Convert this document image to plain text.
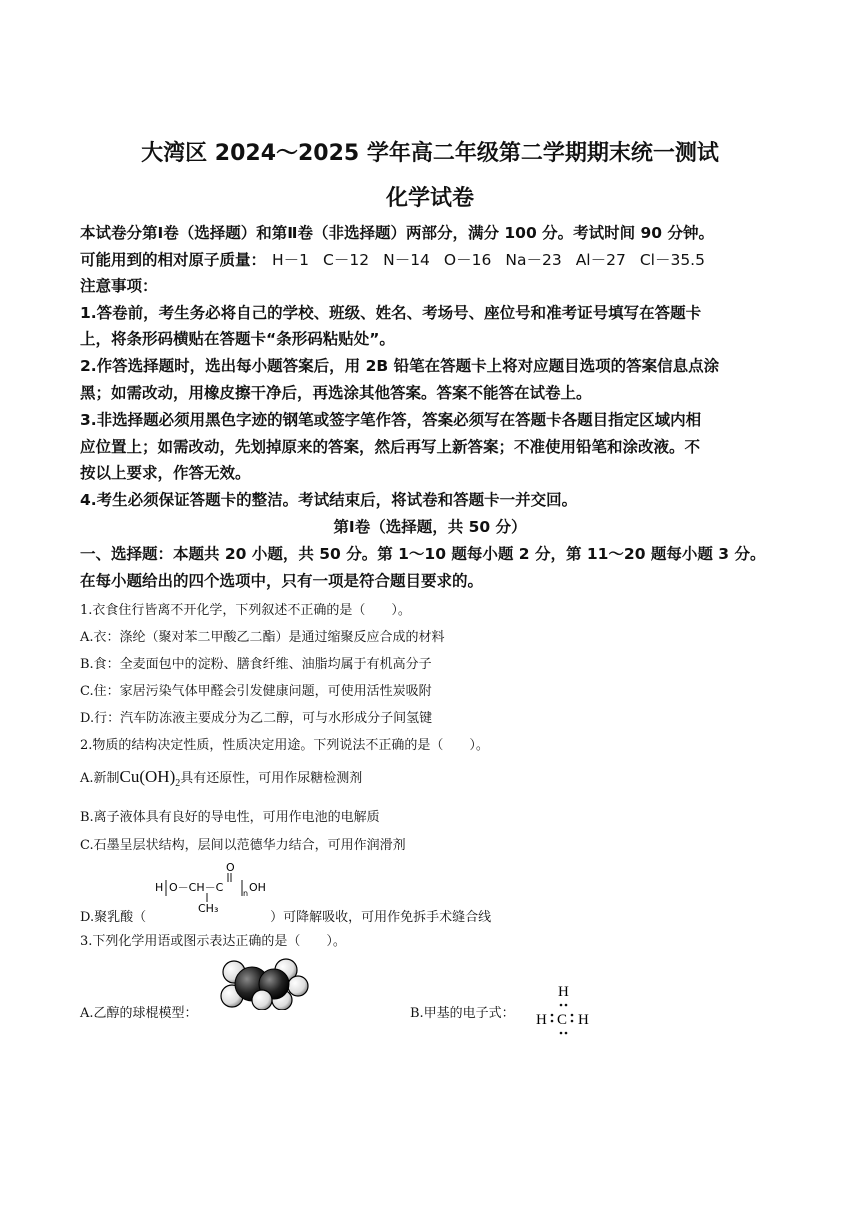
大湾区 2024～2025 学年高二年级第二学期期末统一测试
化学试卷
本试卷分第Ⅰ卷（选择题）和第Ⅱ卷（非选择题）两部分，满分 100 分。考试时间 90 分钟。
可能用到的相对原子质量： H－1 C－12 N－14 O－16 Na－23 Al－27 Cl－35.5
注意事项：
1.答卷前，考生务必将自己的学校、班级、姓名、考场号、座位号和准考证号填写在答题卡
上，将条形码横贴在答题卡“条形码粘贴处”。
2.作答选择题时，选出每小题答案后，用 2B 铅笔在答题卡上将对应题目选项的答案信息点涂
黑；如需改动，用橡皮擦干净后，再选涂其他答案。答案不能答在试卷上。
3.非选择题必须用黑色字迹的钢笔或签字笔作答，答案必须写在答题卡各题目指定区域内相
应位置上；如需改动，先划掉原来的答案，然后再写上新答案；不准使用铅笔和涂改液。不
按以上要求，作答无效。
4.考生必须保证答题卡的整洁。考试结束后，将试卷和答题卡一并交回。
第Ⅰ卷（选择题，共 50 分）
一、选择题：本题共 20 小题，共 50 分。第 1～10 题每小题 2 分，第 11～20 题每小题 3 分。
在每小题给出的四个选项中，只有一项是符合题目要求的。
1.衣食住行皆离不开化学，下列叙述不正确的是（　　）。
A.衣：涤纶（聚对苯二甲酸乙二酯）是通过缩聚反应合成的材料
B.食：全麦面包中的淀粉、膳食纤维、油脂均属于有机高分子
C.住：家居污染气体甲醛会引发健康问题，可使用活性炭吸附
D.行：汽车防冻液主要成分为乙二醇，可与水形成分子间氢键
2.物质的结构决定性质，性质决定用途。下列说法不正确的是（　　）。
A.新制$Cu(OH)_2$具有还原性，可用作尿糖检测剂
B.离子液体具有良好的导电性，可用作电池的电解质
C.石墨呈层状结构，层间以范德华力结合，可用作润滑剂
H O－CH－C
O
CH₃
n OH
D.聚乳酸（	）可降解吸收，可用作免拆手术缝合线
3.下列化学用语或图示表达正确的是（　　）。
A.乙醇的球棍模型：	B.甲基的电子式：
H
H C H
